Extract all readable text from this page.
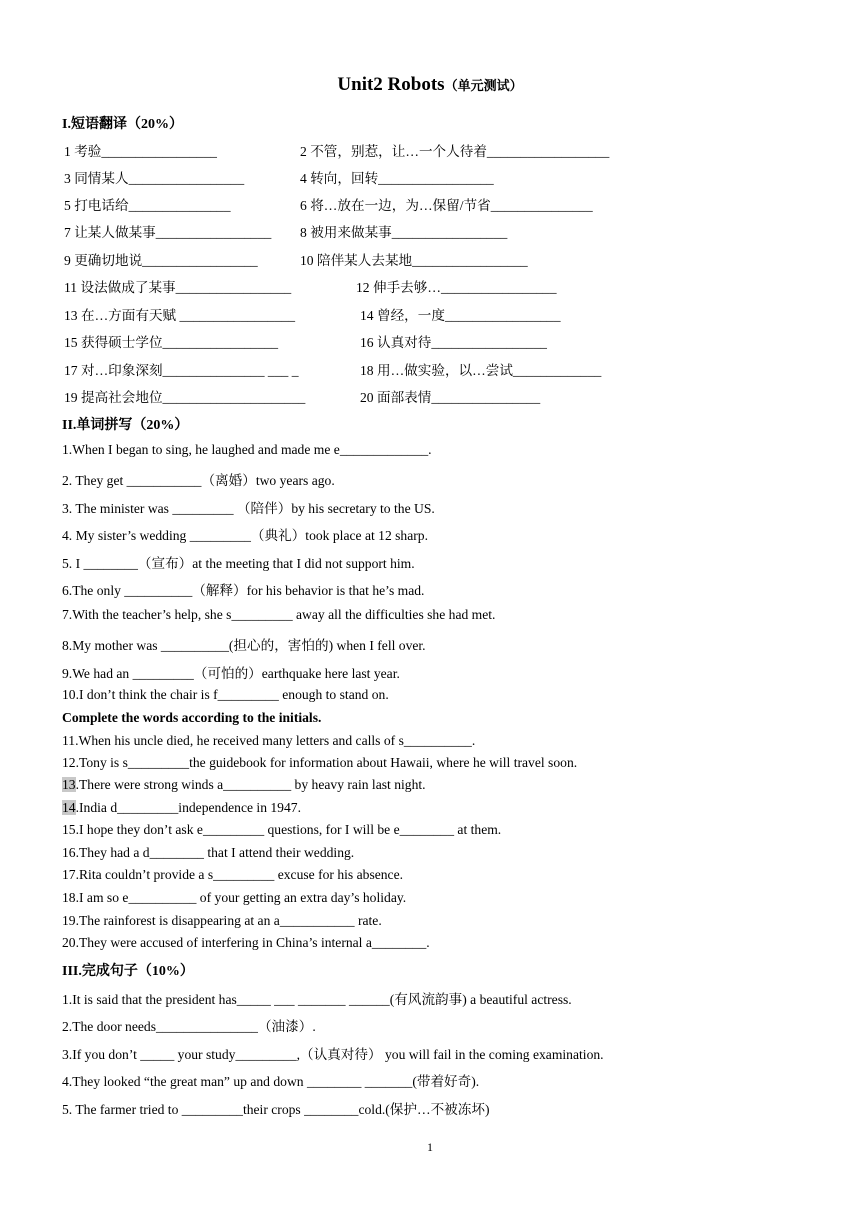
Unit2 Robots（单元测试）
I.短语翻译（20%）
1 考验_________________	2 不管，别惹，让…一个人待着__________________
3 同情某人_________________	4 转向，回转_________________
5 打电话给_______________	6 将…放在一边，为…保留/节省_______________
7 让某人做某事_________________ 8 被用来做某事_________________
9 更确切地说_________________	10 陪伴某人去某地_________________
11 设法做成了某事_________________	12 伸手去够…_________________
13 在…方面有天赋 _________________	14 曾经，一度_________________
15 获得硕士学位_________________	16 认真对待_________________
17 对…印象深刻_______________ ___ _	18 用…做实验，以…尝试_____________
19 提高社会地位_____________________	20 面部表情________________
II.单词拼写（20%）
1.When I began to sing, he laughed and made me e_____________.
2. They get ___________（离婚）two years ago.
3. The minister was _________ （陪伴）by his secretary to the US.
4. My sister’s wedding _________（典礼）took place at 12 sharp.
5. I ________（宣布）at the meeting that I did not support him.
6.The only __________（解释）for his behavior is that he’s mad.
7.With the teacher’s help, she s_________ away all the difficulties she had met.
8.My mother was __________(担心的，害怕的) when I fell over.
9.We had an _________（可怕的）earthquake here last year.
10.I don’t think the chair is f_________ enough to stand on.
Complete the words according to the initials.
11.When his uncle died, he received many letters and calls of s__________.
12.Tony is s_________the guidebook for information about Hawaii, where he will travel soon.
13.There were strong winds a__________ by heavy rain last night.
14.India d_________independence in 1947.
15.I hope they don’t ask e_________ questions, for I will be e________ at them.
16.They had a d________ that I attend their wedding.
17.Rita couldn’t provide a s_________ excuse for his absence.
18.I am so e__________ of your getting an extra day’s holiday.
19.The rainforest is disappearing at an a___________ rate.
20.They were accused of interfering in China’s internal a________.
III.完成句子（10%）
1.It is said that the president has_____ ___ _______ ______(有风流韵事) a beautiful actress.
2.The door needs_______________（油漆）.
3.If you don’t _____ your study_________,（认真对待） you will fail in the coming examination.
4.They looked “the great man” up and down ________ _______(带着好奇).
5. The farmer tried to _________their crops ________cold.(保护…不被冻坏)
1
